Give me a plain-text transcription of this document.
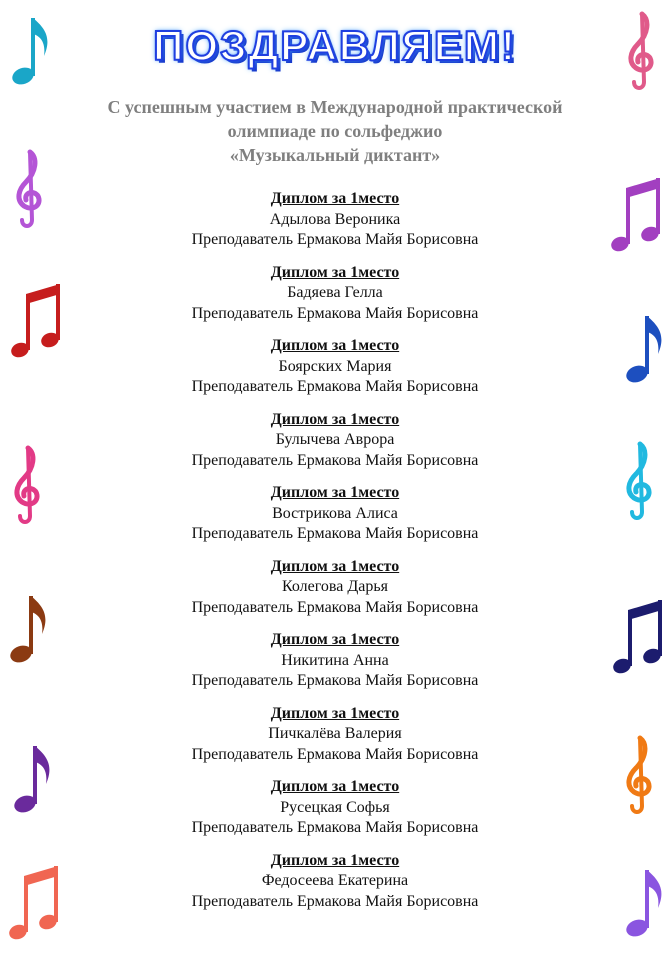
ПОЗДРАВЛЯЕМ!
С успешным участием в Международной практической
олимпиаде по сольфеджио
«Музыкальный диктант»
Диплом за 1место
Адылова Вероника
Преподаватель Ермакова Майя Борисовна
Диплом за 1место
Бадяева Гелла
Преподаватель Ермакова Майя Борисовна
Диплом за 1место
Боярских Мария
Преподаватель Ермакова Майя Борисовна
Диплом за 1место
Булычева Аврора
Преподаватель Ермакова Майя Борисовна
Диплом за 1место
Вострикова Алиса
Преподаватель Ермакова Майя Борисовна
Диплом за 1место
Колегова Дарья
Преподаватель Ермакова Майя Борисовна
Диплом за 1место
Никитина Анна
Преподаватель Ермакова Майя Борисовна
Диплом за 1место
Пичкалёва Валерия
Преподаватель Ермакова Майя Борисовна
Диплом за 1место
Русецкая Софья
Преподаватель Ермакова Майя Борисовна
Диплом за 1место
Федосеева Екатерина
Преподаватель Ермакова Майя Борисовна
